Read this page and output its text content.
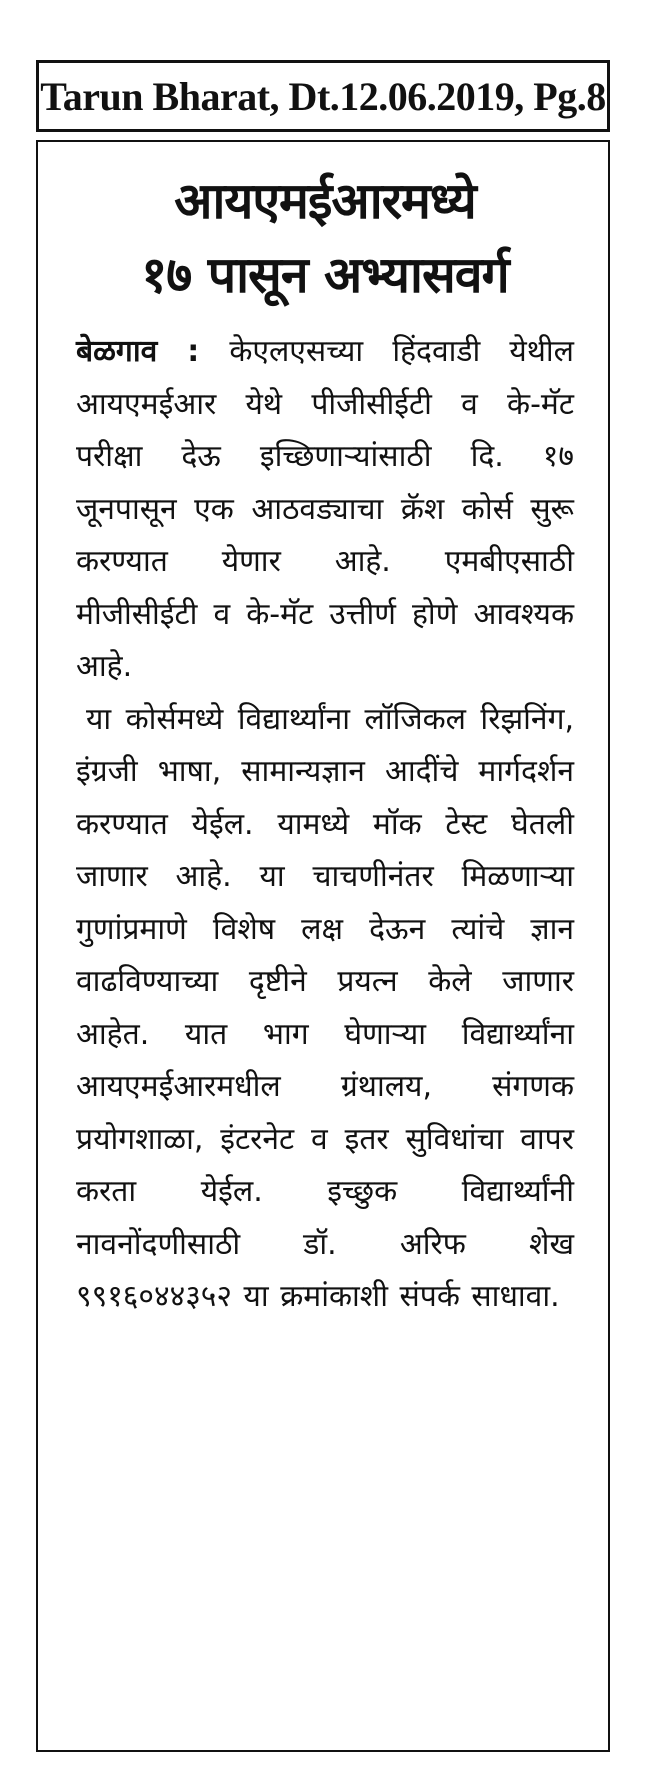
Tarun Bharat, Dt.12.06.2019, Pg.8
आयएमईआरमध्ये
१७ पासून अभ्यासवर्ग

बेळगाव : केएलएसच्या हिंदवाडी येथील आयएमईआर येथे पीजीसीईटी व के-मॅट परीक्षा देऊ इच्छिणाऱ्यांसाठी दि. १७ जूनपासून एक आठवड्याचा क्रॅश कोर्स सुरू करण्यात येणार आहे. एमबीएसाठी मीजीसीईटी व के-मॅट उत्तीर्ण होणे आवश्यक आहे.

या कोर्समध्ये विद्यार्थ्यांना लॉजिकल रिझनिंग, इंग्रजी भाषा, सामान्यज्ञान आदींचे मार्गदर्शन करण्यात येईल. यामध्ये मॉक टेस्ट घेतली जाणार आहे. या चाचणीनंतर मिळणाऱ्या गुणांप्रमाणे विशेष लक्ष देऊन त्यांचे ज्ञान वाढविण्याच्या दृष्टीने प्रयत्न केले जाणार आहेत. यात भाग घेणाऱ्या विद्यार्थ्यांना आयएमईआरमधील ग्रंथालय, संगणक प्रयोगशाळा, इंटरनेट व इतर सुविधांचा वापर करता येईल. इच्छुक विद्यार्थ्यांनी नावनोंदणीसाठी डॉ. अरिफ शेख ९९१६०४४३५२ या क्रमांकाशी संपर्क साधावा.
